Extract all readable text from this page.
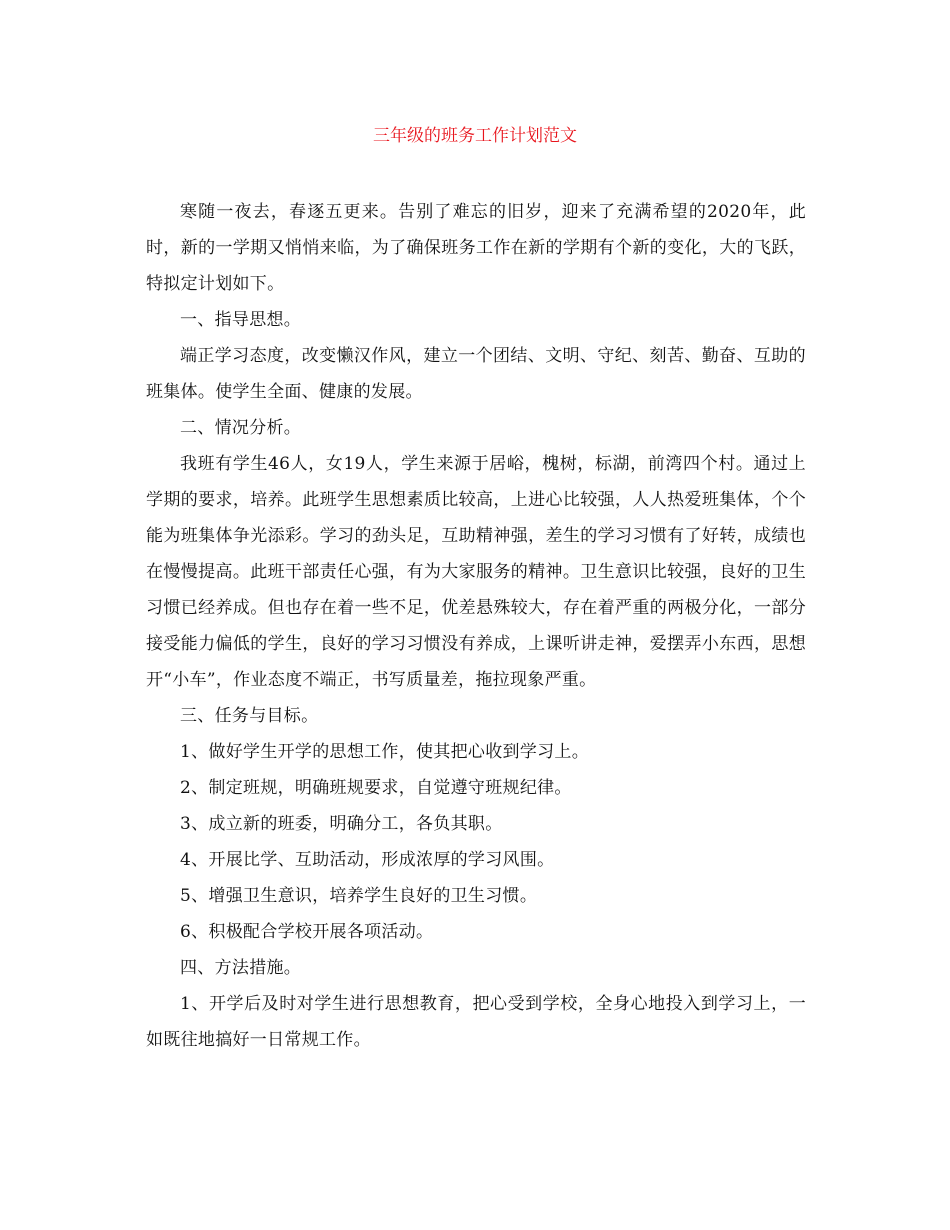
三年级的班务工作计划范文

寒随一夜去，春逐五更来。告别了难忘的旧岁，迎来了充满希望的2020年，此时，新的一学期又悄悄来临，为了确保班务工作在新的学期有个新的变化，大的飞跃，特拟定计划如下。

一、指导思想。

端正学习态度，改变懒汉作风，建立一个团结、文明、守纪、刻苦、勤奋、互助的班集体。使学生全面、健康的发展。

二、情况分析。

我班有学生46人，女19人，学生来源于居峪，槐树，标湖，前湾四个村。通过上学期的要求，培养。此班学生思想素质比较高，上进心比较强，人人热爱班集体，个个能为班集体争光添彩。学习的劲头足，互助精神强，差生的学习习惯有了好转，成绩也在慢慢提高。此班干部责任心强，有为大家服务的精神。卫生意识比较强，良好的卫生习惯已经养成。但也存在着一些不足，优差悬殊较大，存在着严重的两极分化，一部分接受能力偏低的学生，良好的学习习惯没有养成，上课听讲走神，爱摆弄小东西，思想开“小车”，作业态度不端正，书写质量差，拖拉现象严重。

三、任务与目标。

1、做好学生开学的思想工作，使其把心收到学习上。

2、制定班规，明确班规要求，自觉遵守班规纪律。

3、成立新的班委，明确分工，各负其职。

4、开展比学、互助活动，形成浓厚的学习风围。

5、增强卫生意识，培养学生良好的卫生习惯。

6、积极配合学校开展各项活动。

四、方法措施。

1、开学后及时对学生进行思想教育，把心受到学校，全身心地投入到学习上，一如既往地搞好一日常规工作。
